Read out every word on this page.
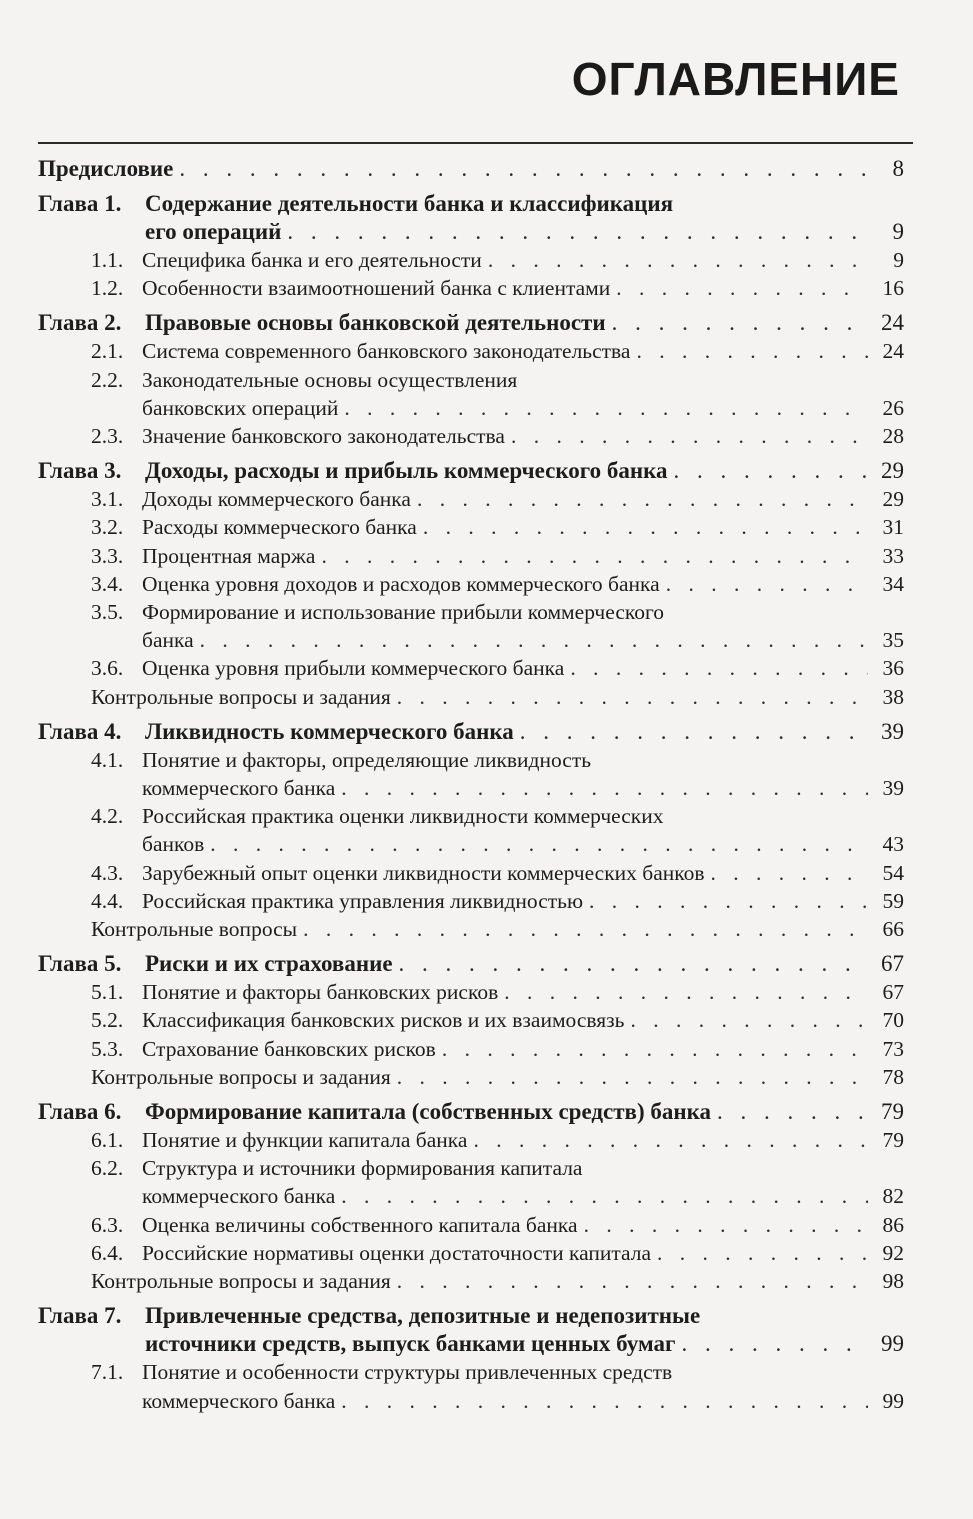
ОГЛАВЛЕНИЕ
Предисловие . . .	8
Глава 1.	Содержание деятельности банка и классификация
его операций . . .	9
1.1. Специфика банка и его деятельности . . .	9
1.2. Особенности взаимоотношений банка с клиентами . . .	16
Глава 2.	Правовые основы банковской деятельности . . .	24
2.1. Система современного банковского законодательства . . .	24
2.2. Законодательные основы осуществления
банковских операций . . .	26
2.3. Значение банковского законодательства . . .	28
Глава 3.	Доходы, расходы и прибыль коммерческого банка . . .	29
3.1. Доходы коммерческого банка . . .	29
3.2. Расходы коммерческого банка . . .	31
3.3. Процентная маржа . . .	33
3.4. Оценка уровня доходов и расходов коммерческого банка . . .	34
3.5. Формирование и использование прибыли коммерческого
банка . . .	35
3.6. Оценка уровня прибыли коммерческого банка . . .	36
Контрольные вопросы и задания . . .	38
Глава 4.	Ликвидность коммерческого банка . . .	39
4.1. Понятие и факторы, определяющие ликвидность
коммерческого банка . . .	39
4.2. Российская практика оценки ликвидности коммерческих
банков . . .	43
4.3. Зарубежный опыт оценки ликвидности коммерческих банков . . .	54
4.4. Российская практика управления ликвидностью . . .	59
Контрольные вопросы . . .	66
Глава 5.	Риски и их страхование . . .	67
5.1. Понятие и факторы банковских рисков . . .	67
5.2. Классификация банковских рисков и их взаимосвязь . . .	70
5.3. Страхование банковских рисков . . .	73
Контрольные вопросы и задания . . .	78
Глава 6.	Формирование капитала (собственных средств) банка . . .	79
6.1. Понятие и функции капитала банка . . .	79
6.2. Структура и источники формирования капитала
коммерческого банка . . .	82
6.3. Оценка величины собственного капитала банка . . .	86
6.4. Российские нормативы оценки достаточности капитала . . .	92
Контрольные вопросы и задания . . .	98
Глава 7.	Привлеченные средства, депозитные и недепозитные
источники средств, выпуск банками ценных бумаг . . .	99
7.1. Понятие и особенности структуры привлеченных средств
коммерческого банка . . .	99
